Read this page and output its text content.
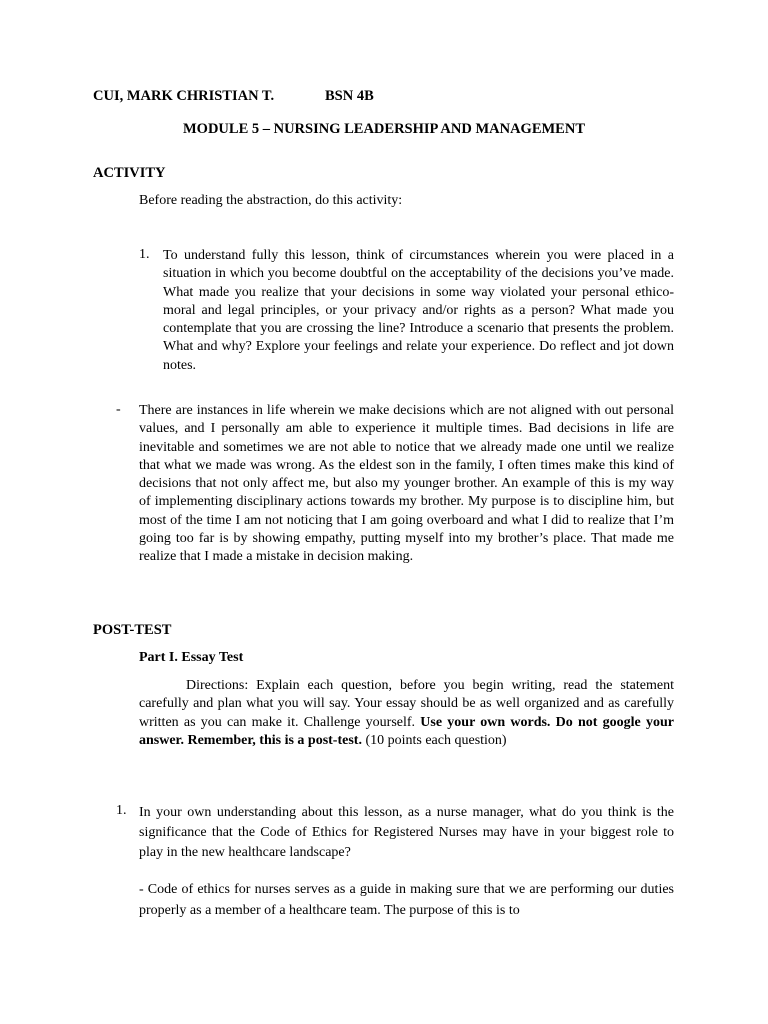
CUI, MARK CHRISTIAN T.	BSN 4B
MODULE 5 – NURSING LEADERSHIP AND MANAGEMENT
ACTIVITY
Before reading the abstraction, do this activity:
1. To understand fully this lesson, think of circumstances wherein you were placed in a situation in which you become doubtful on the acceptability of the decisions you’ve made. What made you realize that your decisions in some way violated your personal ethico-moral and legal principles, or your privacy and/or rights as a person? What made you contemplate that you are crossing the line? Introduce a scenario that presents the problem. What and why? Explore your feelings and relate your experience. Do reflect and jot down notes.
- There are instances in life wherein we make decisions which are not aligned with out personal values, and I personally am able to experience it multiple times. Bad decisions in life are inevitable and sometimes we are not able to notice that we already made one until we realize that what we made was wrong. As the eldest son in the family, I often times make this kind of decisions that not only affect me, but also my younger brother. An example of this is my way of implementing disciplinary actions towards my brother. My purpose is to discipline him, but most of the time I am not noticing that I am going overboard and what I did to realize that I’m going too far is by showing empathy, putting myself into my brother’s place. That made me realize that I made a mistake in decision making.
POST-TEST
Part I. Essay Test
Directions: Explain each question, before you begin writing, read the statement carefully and plan what you will say. Your essay should be as well organized and as carefully written as you can make it. Challenge yourself. Use your own words. Do not google your answer. Remember, this is a post-test. (10 points each question)
1. In your own understanding about this lesson, as a nurse manager, what do you think is the significance that the Code of Ethics for Registered Nurses may have in your biggest role to play in the new healthcare landscape?
- Code of ethics for nurses serves as a guide in making sure that we are performing our duties properly as a member of a healthcare team. The purpose of this is to
